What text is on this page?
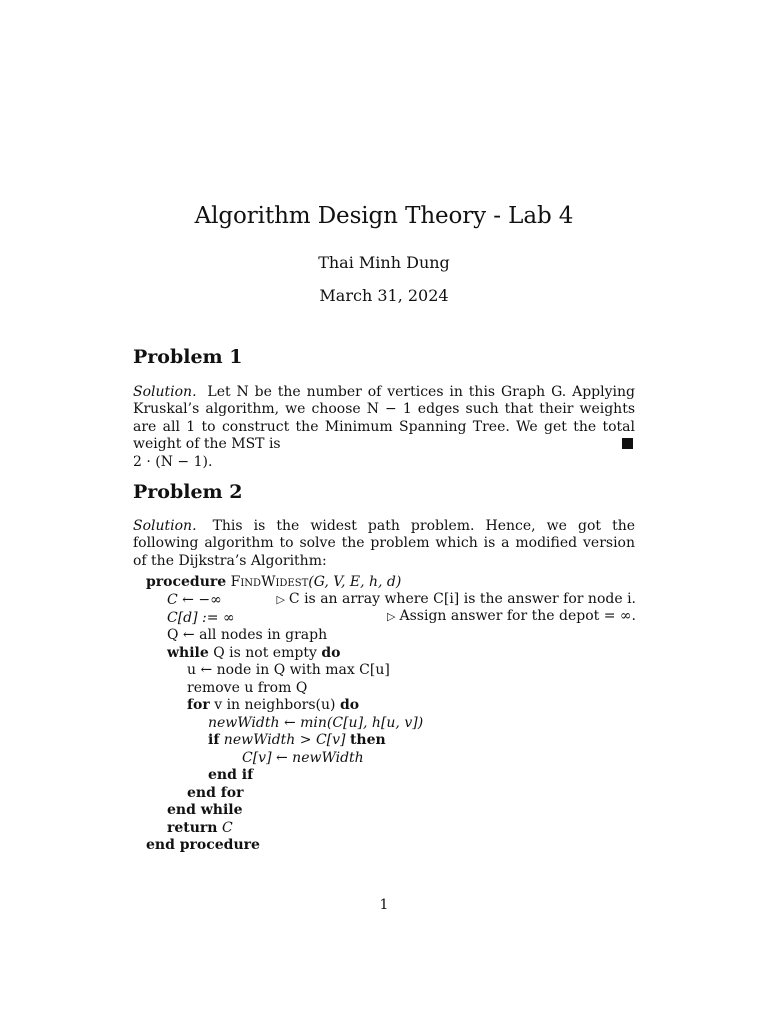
Algorithm Design Theory - Lab 4
Thai Minh Dung
March 31, 2024
Problem 1
Solution. Let N be the number of vertices in this Graph G. Applying Kruskal’s algorithm, we choose N − 1 edges such that their weights are all 1 to construct the Minimum Spanning Tree. We get the total weight of the MST is
2 · (N − 1).
Problem 2
Solution. This is the widest path problem. Hence, we got the following algorithm to solve the problem which is a modified version of the Dijkstra’s Algorithm:
procedure FindWidest(G, V, E, h, d)
C ← −∞	▷ C is an array where C[i] is the answer for node i.
C[d] := ∞	▷ Assign answer for the depot = ∞.
Q ← all nodes in graph
while Q is not empty do
u ← node in Q with max C[u]
remove u from Q
for v in neighbors(u) do
newWidth ← min(C[u], h[u, v])
if newWidth > C[v] then
C[v] ← newWidth
end if
end for
end while
return C
end procedure
1
